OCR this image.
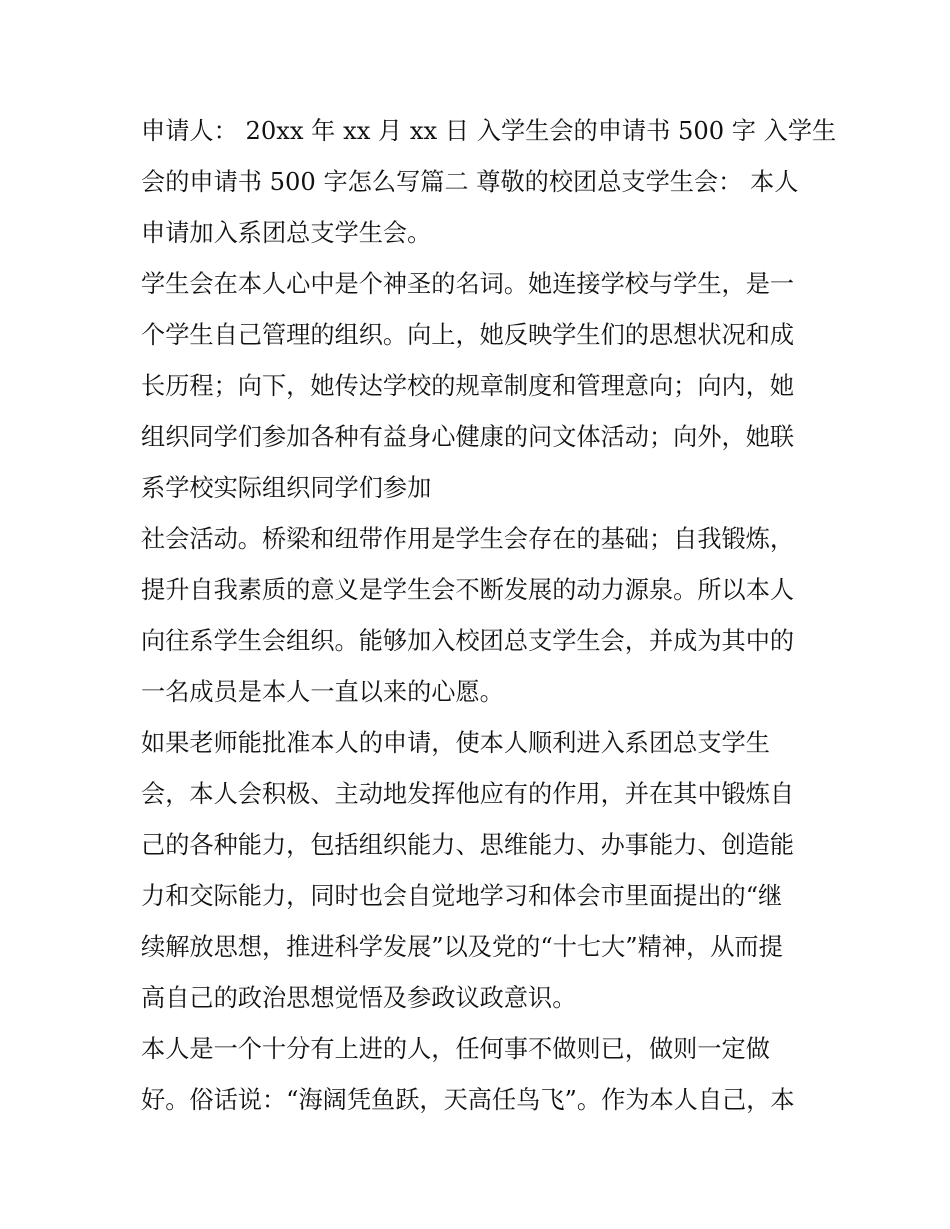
申请人： 20xx 年 xx 月 xx 日 入学生会的申请书 500 字 入学生
会的申请书 500 字怎么写篇二 尊敬的校团总支学生会： 本人
申请加入系团总支学生会。
学生会在本人心中是个神圣的名词。她连接学校与学生，是一
个学生自己管理的组织。向上，她反映学生们的思想状况和成
长历程；向下，她传达学校的规章制度和管理意向；向内，她
组织同学们参加各种有益身心健康的问文体活动；向外，她联
系学校实际组织同学们参加
社会活动。桥梁和纽带作用是学生会存在的基础；自我锻炼，
提升自我素质的意义是学生会不断发展的动力源泉。所以本人
向往系学生会组织。能够加入校团总支学生会，并成为其中的
一名成员是本人一直以来的心愿。
如果老师能批准本人的申请，使本人顺利进入系团总支学生
会，本人会积极、主动地发挥他应有的作用，并在其中锻炼自
己的各种能力，包括组织能力、思维能力、办事能力、创造能
力和交际能力，同时也会自觉地学习和体会市里面提出的“继
续解放思想，推进科学发展”以及党的“十七大”精神，从而提
高自己的政治思想觉悟及参政议政意识。
本人是一个十分有上进的人，任何事不做则已，做则一定做
好。俗话说：“海阔凭鱼跃，天高任鸟飞”。作为本人自己，本
